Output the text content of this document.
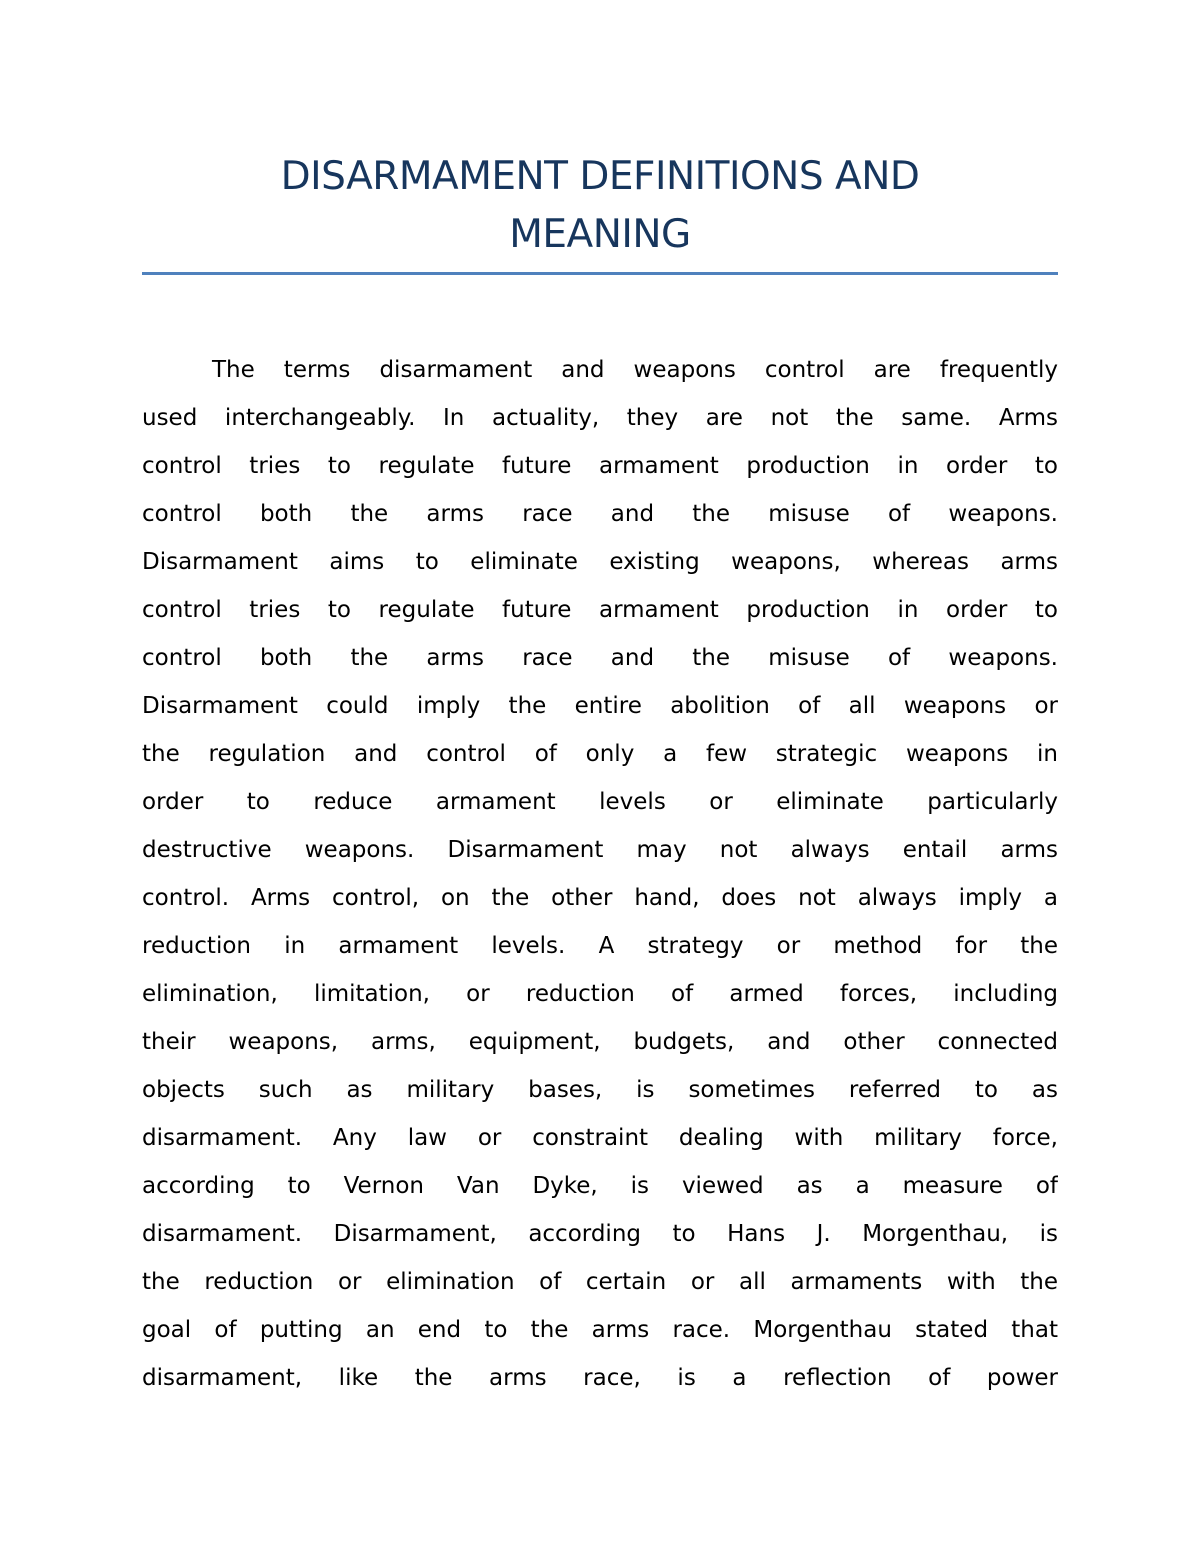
DISARMAMENT DEFINITIONS AND
MEANING
The terms disarmament and weapons control are frequently
used interchangeably. In actuality, they are not the same. Arms
control tries to regulate future armament production in order to
control both the arms race and the misuse of weapons.
Disarmament aims to eliminate existing weapons, whereas arms
control tries to regulate future armament production in order to
control both the arms race and the misuse of weapons.
Disarmament could imply the entire abolition of all weapons or
the regulation and control of only a few strategic weapons in
order to reduce armament levels or eliminate particularly
destructive weapons. Disarmament may not always entail arms
control. Arms control, on the other hand, does not always imply a
reduction in armament levels. A strategy or method for the
elimination, limitation, or reduction of armed forces, including
their weapons, arms, equipment, budgets, and other connected
objects such as military bases, is sometimes referred to as
disarmament. Any law or constraint dealing with military force,
according to Vernon Van Dyke, is viewed as a measure of
disarmament. Disarmament, according to Hans J. Morgenthau, is
the reduction or elimination of certain or all armaments with the
goal of putting an end to the arms race. Morgenthau stated that
disarmament, like the arms race, is a reflection of power
